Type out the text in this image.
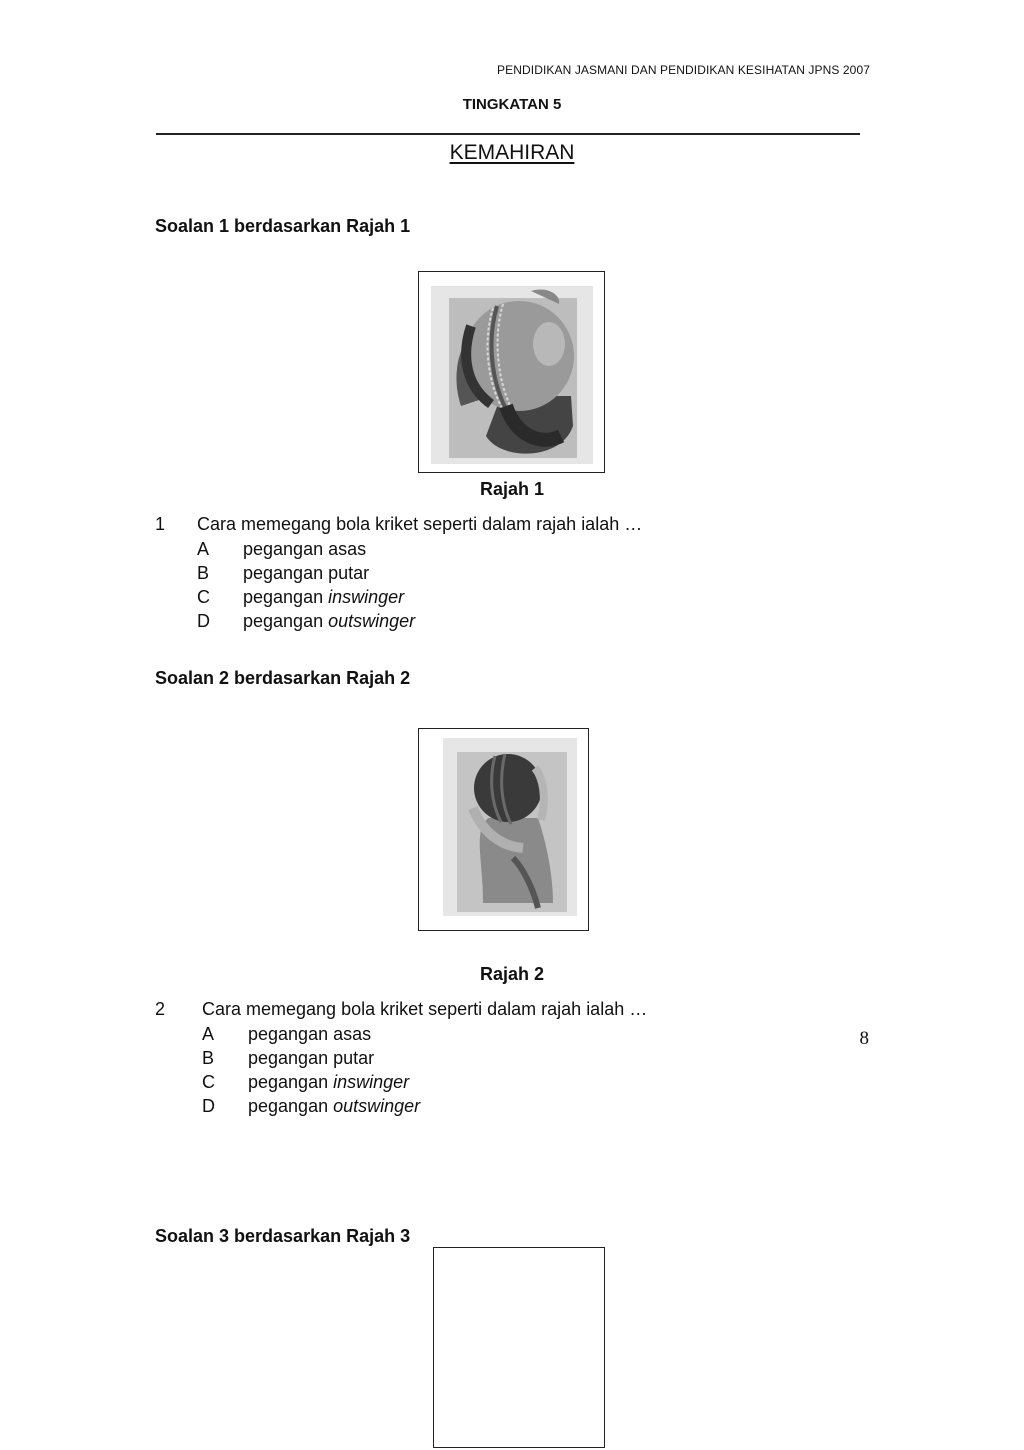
PENDIDIKAN JASMANI DAN PENDIDIKAN KESIHATAN JPNS 2007
TINGKATAN 5
KEMAHIRAN
Soalan 1 berdasarkan Rajah 1
Rajah 1
1 Cara memegang bola kriket seperti dalam rajah ialah …
A pegangan asas
B pegangan putar
C pegangan inswinger
D pegangan outswinger
Soalan 2 berdasarkan Rajah 2
Rajah 2
2 Cara memegang bola kriket seperti dalam rajah ialah …
A pegangan asas
B pegangan putar
C pegangan inswinger
D pegangan outswinger
8
Soalan 3 berdasarkan Rajah 3
